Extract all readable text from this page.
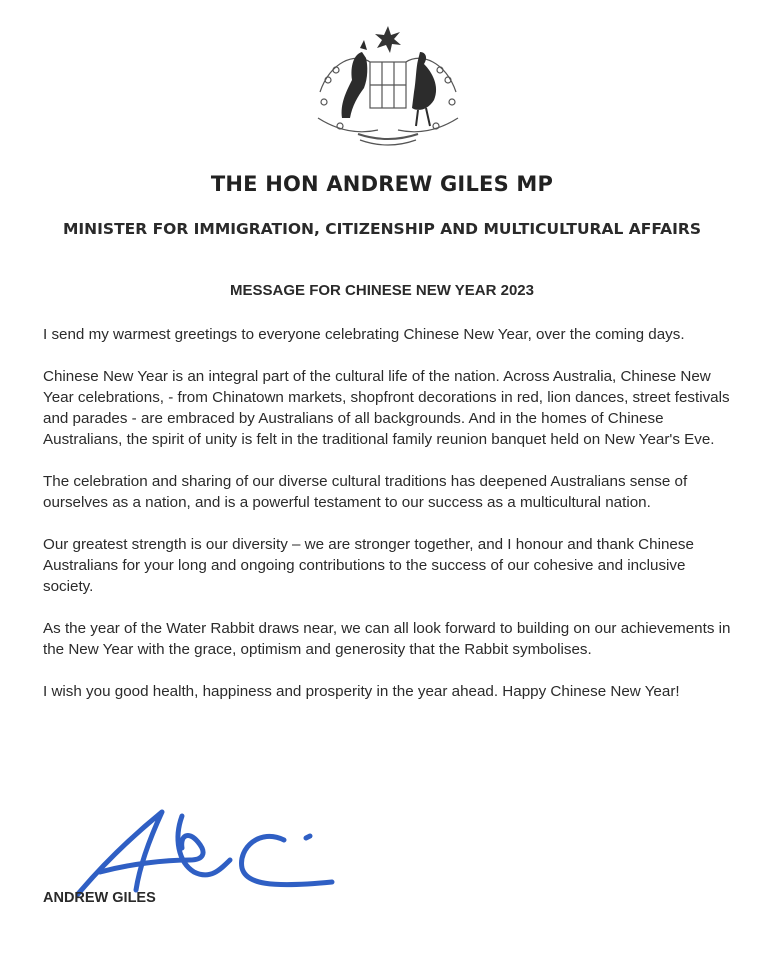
THE HON ANDREW GILES MP
MINISTER FOR IMMIGRATION, CITIZENSHIP AND MULTICULTURAL AFFAIRS
MESSAGE FOR CHINESE NEW YEAR 2023

I send my warmest greetings to everyone celebrating Chinese New Year, over the coming days.

Chinese New Year is an integral part of the cultural life of the nation. Across Australia, Chinese New Year celebrations, - from Chinatown markets, shopfront decorations in red, lion dances, street festivals and parades - are embraced by Australians of all backgrounds. And in the homes of Chinese Australians, the spirit of unity is felt in the traditional family reunion banquet held on New Year's Eve.

The celebration and sharing of our diverse cultural traditions has deepened Australians sense of ourselves as a nation, and is a powerful testament to our success as a multicultural nation.

Our greatest strength is our diversity – we are stronger together, and I honour and thank Chinese Australians for your long and ongoing contributions to the success of our cohesive and inclusive society.

As the year of the Water Rabbit draws near, we can all look forward to building on our achievements in the New Year with the grace, optimism and generosity that the Rabbit symbolises.

I wish you good health, happiness and prosperity in the year ahead. Happy Chinese New Year!

ANDREW GILES
